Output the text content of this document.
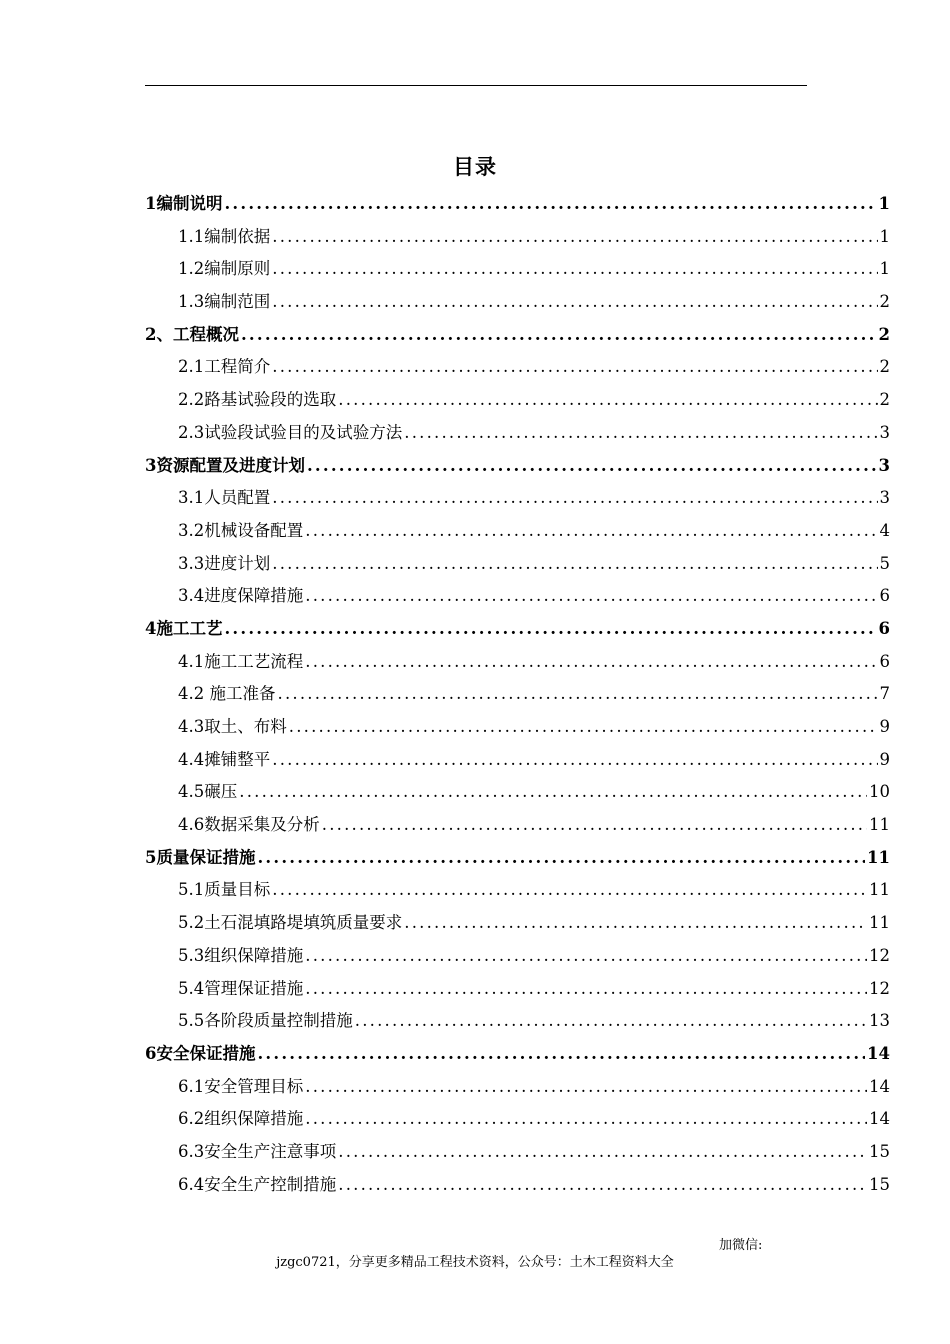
目录
1编制说明 .....	1
1.1编制依据 .....	1
1.2编制原则 .....	1
1.3编制范围 .....	2
2、工程概况 .....	2
2.1工程简介 .....	2
2.2路基试验段的选取 .....	2
2.3试验段试验目的及试验方法 .....	3
3资源配置及进度计划 .....	3
3.1人员配置 .....	3
3.2机械设备配置 .....	4
3.3进度计划 .....	5
3.4进度保障措施 .....	6
4施工工艺 .....	6
4.1施工工艺流程 .....	6
4.2 施工准备 .....	7
4.3取土、布料 .....	9
4.4摊铺整平 .....	9
4.5碾压 .....	10
4.6数据采集及分析 .....	11
5质量保证措施 .....	11
5.1质量目标 .....	11
5.2土石混填路堤填筑质量要求 .....	11
5.3组织保障措施 .....	12
5.4管理保证措施 .....	12
5.5各阶段质量控制措施 .....	13
6安全保证措施 .....	14
6.1安全管理目标 .....	14
6.2组织保障措施 .....	14
6.3安全生产注意事项 .....	15
6.4安全生产控制措施 .....	15
加微信:
jzgc0721，分享更多精品工程技术资料，公众号：土木工程资料大全
